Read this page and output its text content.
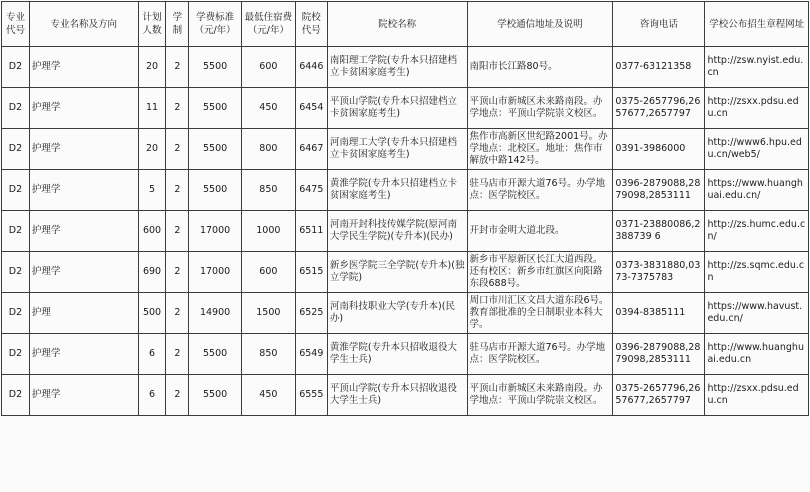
专业代号	专业名称及方向	计划人数	学制	学费标准（元/年）	最低住宿费（元/年）	院校代号	院校名称	学校通信地址及说明	咨询电话	学校公布招生章程网址
D2	护理学	20	2	5500	600	6446	南阳理工学院(专升本只招建档立卡贫困家庭考生)	南阳市长江路80号。	0377-63121358	http://zsw.nyist.edu.cn
D2	护理学	11	2	5500	450	6454	平顶山学院(专升本只招建档立卡贫困家庭考生)	平顶山市新城区未来路南段。办学地点：平顶山学院崇文校区。	0375-2657796,2657677,2657797	http://zsxx.pdsu.edu.cn
D2	护理学	20	2	5500	800	6467	河南理工大学(专升本只招建档立卡贫困家庭考生)	焦作市高新区世纪路2001号。办学地点：北校区。地址：焦作市解放中路142号。	0391-3986000	http://www6.hpu.edu.cn/web5/
D2	护理学	5	2	5500	850	6475	黄淮学院(专升本只招建档立卡贫困家庭考生)	驻马店市开源大道76号。办学地点：医学院校区。	0396-2879088,2879098,2853111	https://www.huanghuai.edu.cn/
D2	护理学	600	2	17000	1000	6511	河南开封科技传媒学院(原河南大学民生学院)(专升本)(民办)	开封市金明大道北段。	0371-23880086,2388739 6	http://zs.humc.edu.cn/
D2	护理学	690	2	17000	600	6515	新乡医学院三全学院(专升本)(独立学院)	新乡市平原新区长江大道西段。还有校区：新乡市红旗区向阳路东段688号。	0373-3831880,0373-7375783	http://zs.sqmc.edu.cn
D2	护理	500	2	14900	1500	6525	河南科技职业大学(专升本)(民办)	周口市川汇区文昌大道东段6号。教育部批准的全日制职业本科大学。	0394-8385111	https://www.havust.edu.cn/
D2	护理学	6	2	5500	850	6549	黄淮学院(专升本只招收退役大学生士兵)	驻马店市开源大道76号。办学地点：医学院校区。	0396-2879088,2879098,2853111	http://www.huanghuai.edu.cn
D2	护理学	6	2	5500	450	6555	平顶山学院(专升本只招收退役大学生士兵)	平顶山市新城区未来路南段。办学地点：平顶山学院崇文校区。	0375-2657796,2657677,2657797	http://zsxx.pdsu.edu.cn
